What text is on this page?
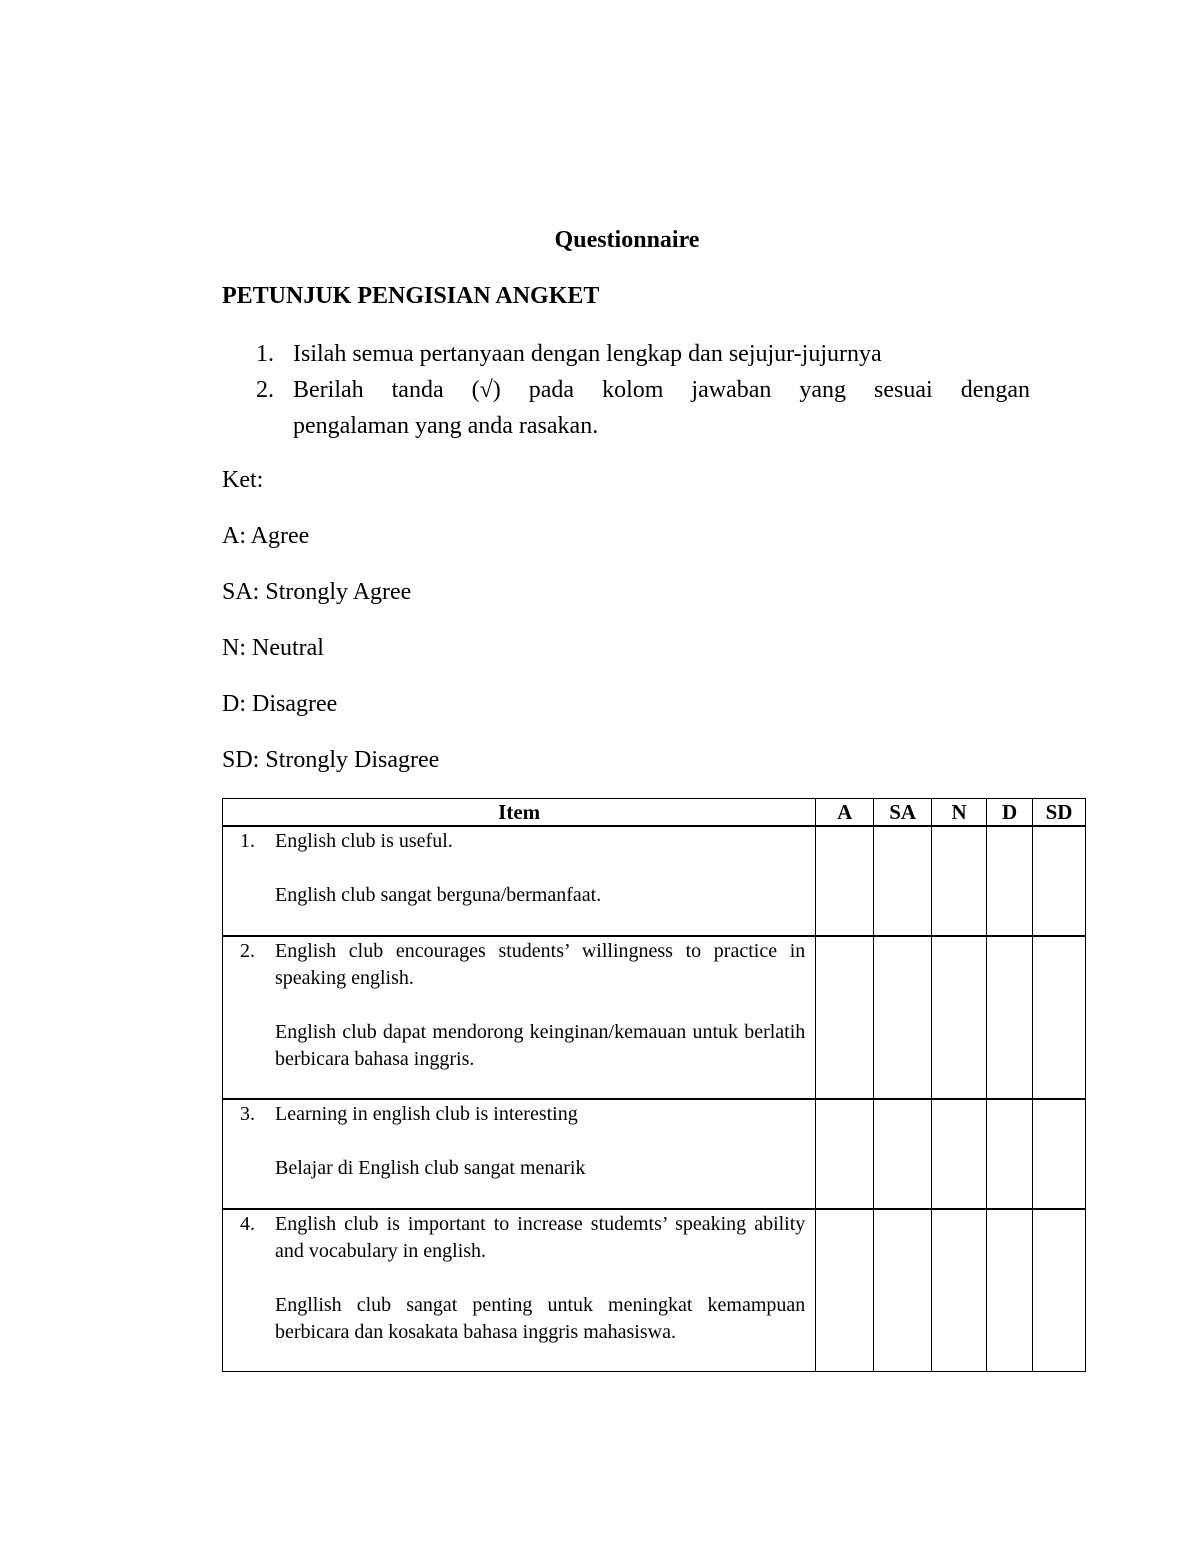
Questionnaire
PETUNJUK PENGISIAN ANGKET
1. Isilah semua pertanyaan dengan lengkap dan sejujur-jujurnya
2. Berilah tanda (√) pada kolom jawaban yang sesuai dengan
pengalaman yang anda rasakan.

Ket:

A: Agree

SA: Strongly Agree

N: Neutral

D: Disagree

SD: Strongly Disagree

Item	A	SA	N	D	SD

1. English club is useful.

English club sangat berguna/bermanfaat.					

2. English club encourages students’ willingness to practice in speaking english.

English club dapat mendorong keinginan/kemauan untuk berlatih berbicara bahasa inggris.					

3. Learning in english club is interesting

Belajar di English club sangat menarik					

4. English club is important to increase studemts’ speaking ability and vocabulary in english.

Engllish club sangat penting untuk meningkat kemampuan berbicara dan kosakata bahasa inggris mahasiswa.					
